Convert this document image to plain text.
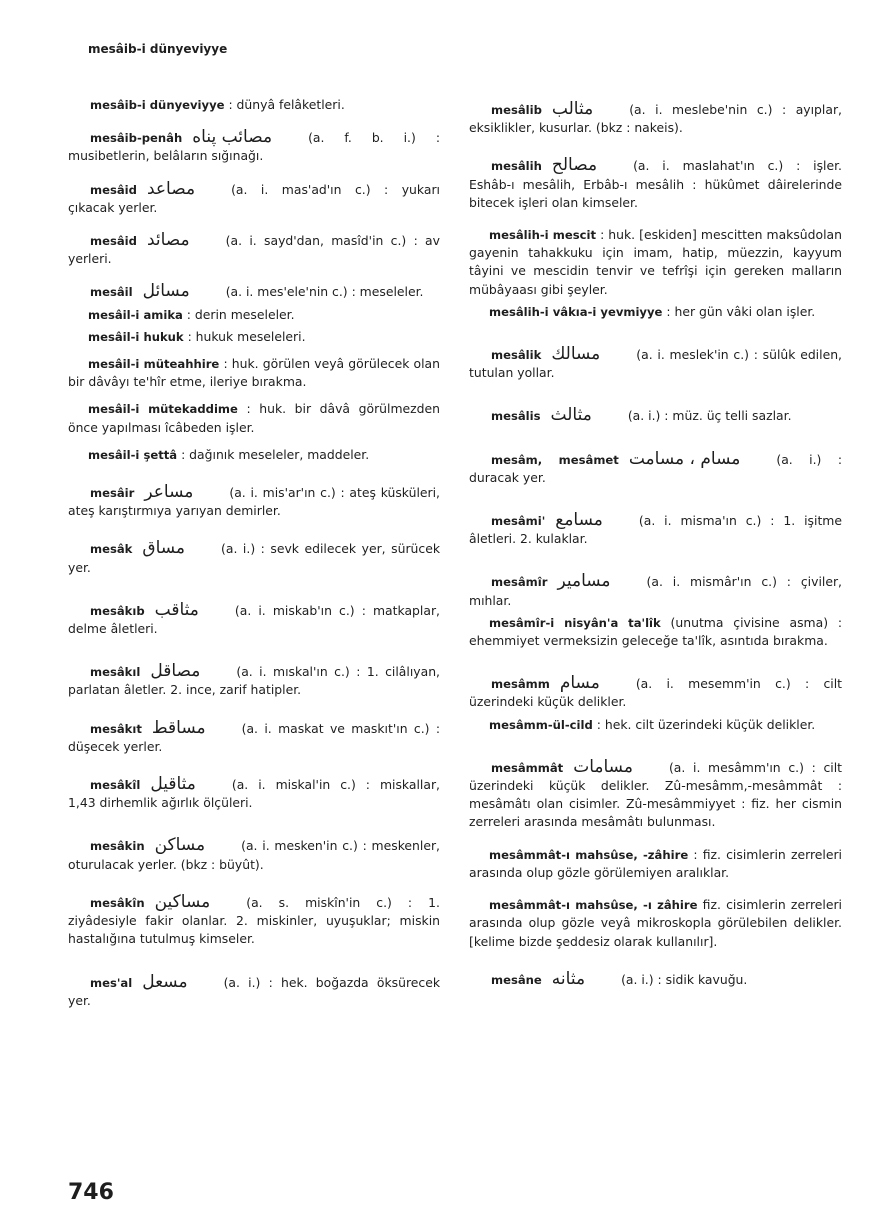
mesâib-i dünyeviyye
mesâib-i dünyeviyye : dünyâ felâketleri.
mesâib-penâh مصائب پناه	(a. f. b. i.) : musibetlerin, belâların sığınağı.
mesâid مصاعد	(a. i. mas'ad'ın c.) : yukarı çıkacak yerler.
mesâid مصائد	(a. i. sayd'dan, masîd'in c.) : av yerleri.
mesâil مسائل	(a. i. mes'ele'nin c.) : meseleler.
mesâil-i amika : derin meseleler.
mesâil-i hukuk : hukuk meseleleri.
mesâil-i müteahhire : huk. görülen veyâ görülecek olan bir dâvâyı te'hîr etme, ileriye bırakma.
mesâil-i mütekaddime : huk. bir dâvâ görülmezden önce yapılması îcâbeden işler.
mesâil-i şettâ : dağınık meseleler, maddeler.
mesâir مساعر	(a. i. mis'ar'ın c.) : ateş küsküleri, ateş karıştırmıya yarıyan demirler.
mesâk مساق	(a. i.) : sevk edilecek yer, sürücek yer.
mesâkıb مثاقب	(a. i. miskab'ın c.) : matkaplar, delme âletleri.
mesâkıl مصاقل	(a. i. mıskal'ın c.) : 1. cilâlıyan, parlatan âletler. 2. ince, zarif hatipler.
mesâkıt مساقط	(a. i. maskat ve maskıt'ın c.) : düşecek yerler.
mesâkîl مثاقيل	(a. i. miskal'in c.) : miskallar, 1,43 dirhemlik ağırlık ölçüleri.
mesâkin مساكن	(a. i. mesken'in c.) : meskenler, oturulacak yerler. (bkz : büyût).
mesâkîn مساكين	(a. s. miskîn'in c.) : 1. ziyâdesiyle fakir olanlar. 2. miskinler, uyuşuklar; miskin hastalığına tutulmuş kimseler.
mes'al مسعل	(a. i.) : hek. boğazda öksürecek yer.
mesâlib مثالب	(a. i. meslebe'nin c.) : ayıplar, eksiklikler, kusurlar. (bkz : nakeis).
mesâlih مصالح	(a. i. maslahat'ın c.) : işler. Eshâb-ı mesâlih, Erbâb-ı mesâlih : hükûmet dâirelerinde bitecek işleri olan kimseler.
mesâlih-i mescit : huk. [eskiden] mescitten maksûdolan gayenin tahakkuku için imam, hatip, müezzin, kayyum tâyini ve mescidin tenvir ve tefrîşi için gereken malların mübâyaası gibi şeyler.
mesâlih-i vâkıa-i yevmiyye : her gün vâki olan işler.
mesâlik مسالك	(a. i. meslek'in c.) : sülûk edilen, tutulan yollar.
mesâlis مثالث	(a. i.) : müz. üç telli sazlar.
mesâm, mesâmet مسام ، مسامت	(a. i.) : duracak yer.
mesâmi' مسامع	(a. i. misma'ın c.) : 1. işitme âletleri. 2. kulaklar.
mesâmîr مسامير	(a. i. mismâr'ın c.) : çiviler, mıhlar.
mesâmîr-i nisyân'a ta'lîk (unutma çivisine asma) : ehemmiyet vermeksizin geleceğe ta'lîk, asıntıda bırakma.
mesâmm مسام	(a. i. mesemm'in c.) : cilt üzerindeki küçük delikler.
mesâmm-ül-cild : hek. cilt üzerindeki küçük delikler.
mesâmmât مسامات	(a. i. mesâmm'ın c.) : cilt üzerindeki küçük delikler. Zû-mesâmm,-mesâmmât : mesâmâtı olan cisimler. Zû-mesâmmiyyet : fiz. her cismin zerreleri arasında mesâmâtı bulunması.
mesâmmât-ı mahsûse, -zâhire : fiz. cisimlerin zerreleri arasında olup gözle görülemiyen aralıklar.
mesâmmât-ı mahsûse, -ı zâhire fiz. cisimlerin zerreleri arasında olup gözle veyâ mikroskopla görülebilen delikler. [kelime bizde şeddesiz olarak kullanılır].
mesâne مثانه	(a. i.) : sidik kavuğu.
746
